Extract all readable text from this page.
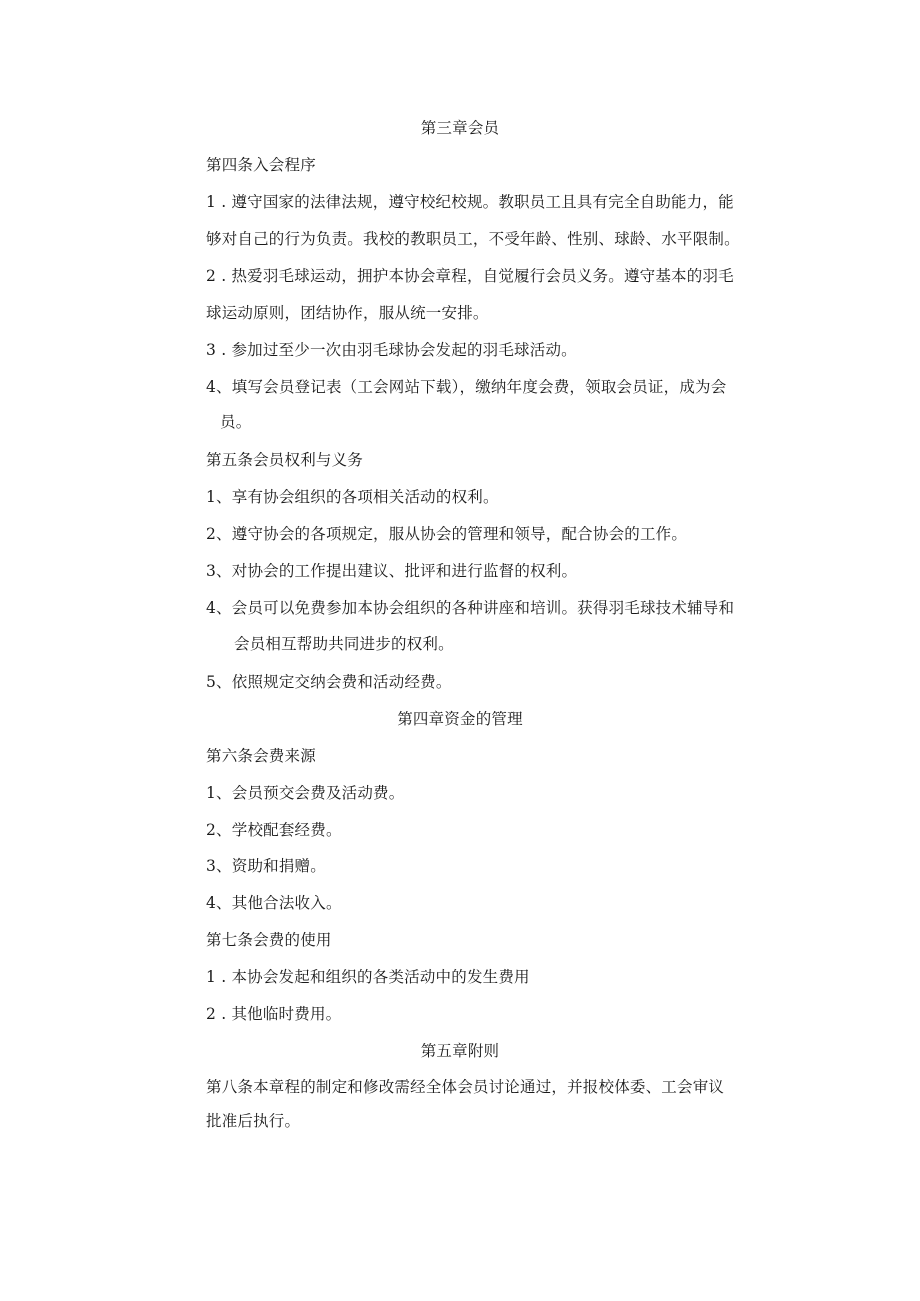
第三章会员
第四条入会程序
1 . 遵守国家的法律法规，遵守校纪校规。教职员工且具有完全自助能力，能
够对自己的行为负责。我校的教职员工，不受年龄、性别、球龄、水平限制。
2 . 热爱羽毛球运动，拥护本协会章程，自觉履行会员义务。遵守基本的羽毛
球运动原则，团结协作，服从统一安排。
3 . 参加过至少一次由羽毛球协会发起的羽毛球活动。
4、填写会员登记表（工会网站下载），缴纳年度会费，领取会员证，成为会
员。
第五条会员权利与义务
1、享有协会组织的各项相关活动的权利。
2、遵守协会的各项规定，服从协会的管理和领导，配合协会的工作。
3、对协会的工作提出建议、批评和进行监督的权利。
4、会员可以免费参加本协会组织的各种讲座和培训。获得羽毛球技术辅导和
会员相互帮助共同进步的权利。
5、依照规定交纳会费和活动经费。
第四章资金的管理
第六条会费来源
1、会员预交会费及活动费。
2、学校配套经费。
3、资助和捐赠。
4、其他合法收入。
第七条会费的使用
1 . 本协会发起和组织的各类活动中的发生费用
2 . 其他临时费用。
第五章附则
第八条本章程的制定和修改需经全体会员讨论通过，并报校体委、工会审议
批准后执行。
